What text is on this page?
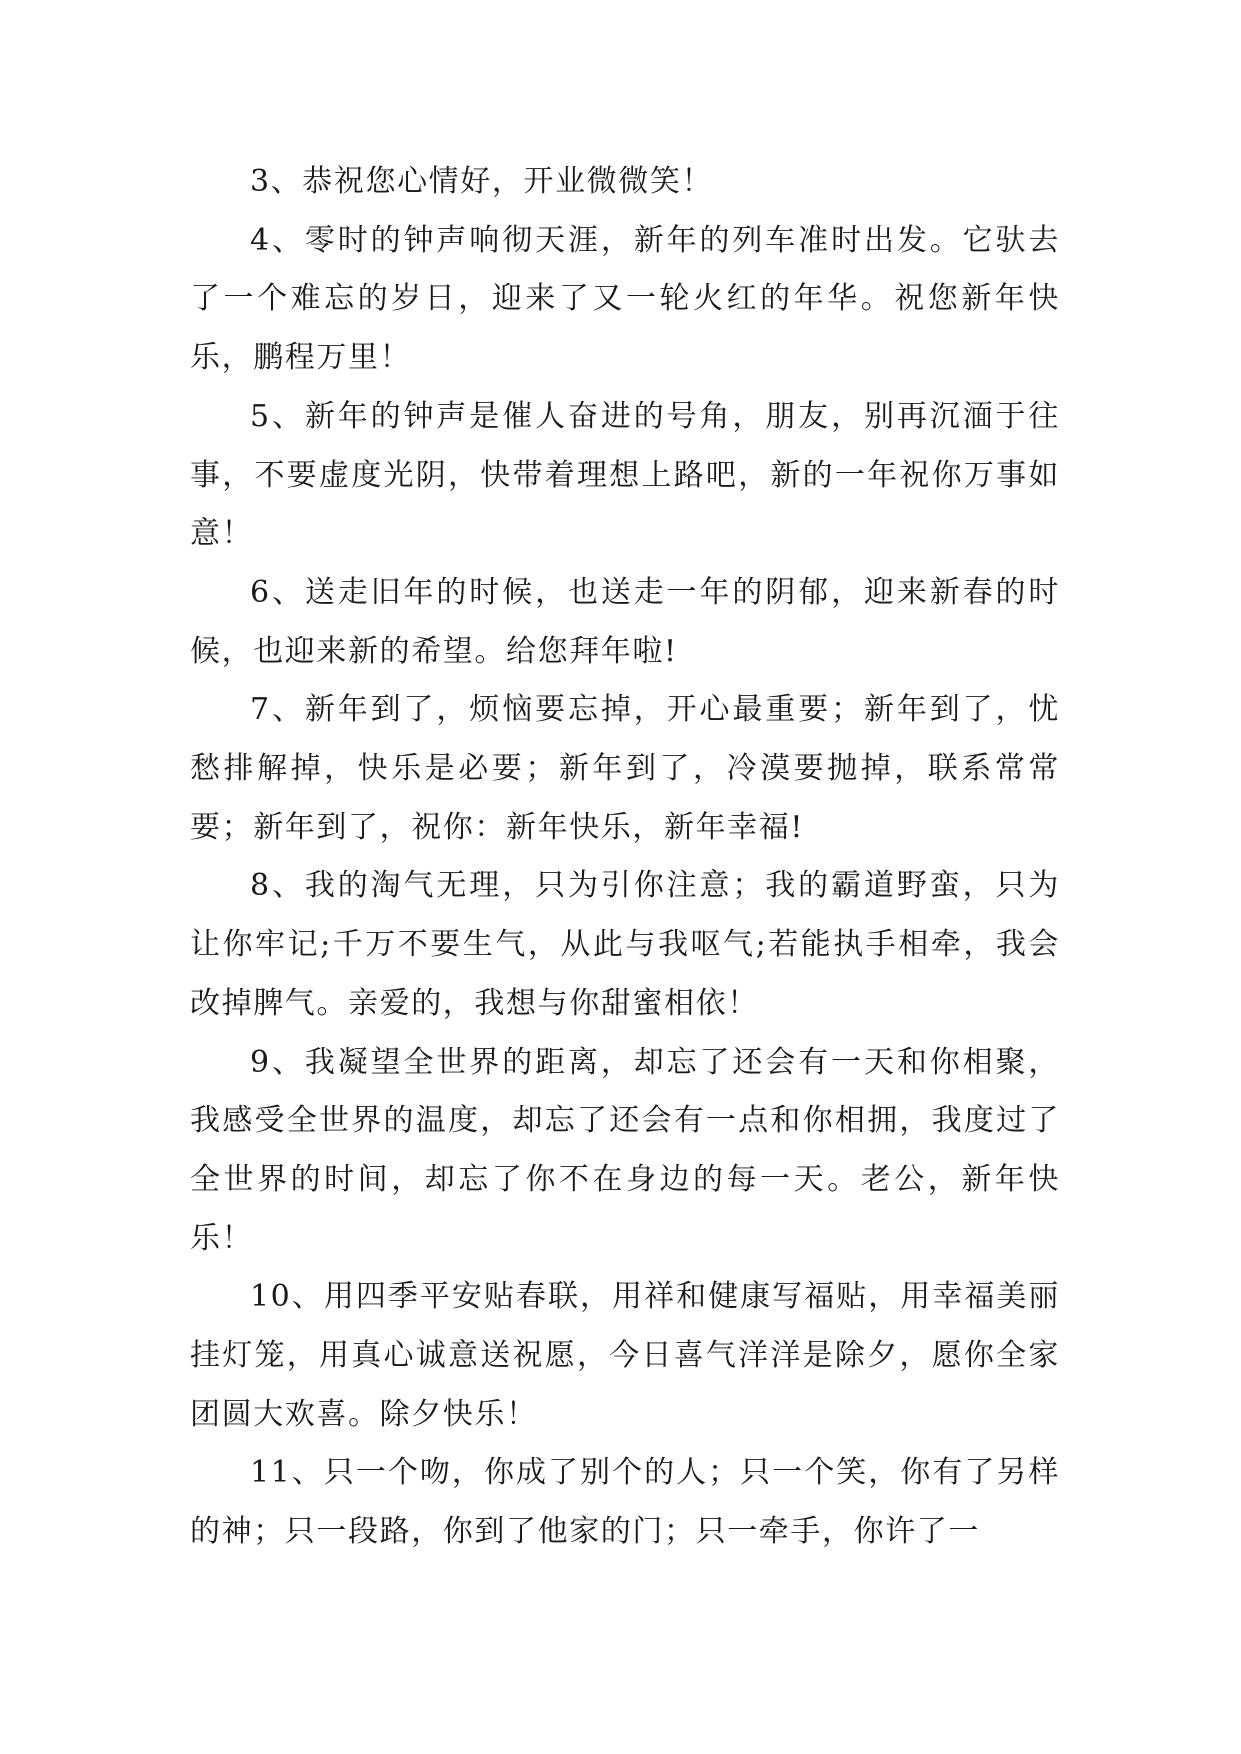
3、恭祝您心情好，开业微微笑！

4、零时的钟声响彻天涯，新年的列车准时出发。它驮去了一个难忘的岁日，迎来了又一轮火红的年华。祝您新年快乐，鹏程万里！

5、新年的钟声是催人奋进的号角，朋友，别再沉湎于往事，不要虚度光阴，快带着理想上路吧，新的一年祝你万事如意！

6、送走旧年的时候，也送走一年的阴郁，迎来新春的时候，也迎来新的希望。给您拜年啦!

7、新年到了，烦恼要忘掉，开心最重要；新年到了，忧愁排解掉，快乐是必要；新年到了，冷漠要抛掉，联系常常要；新年到了，祝你：新年快乐，新年幸福!

8、我的淘气无理，只为引你注意；我的霸道野蛮，只为让你牢记;千万不要生气，从此与我呕气;若能执手相牵，我会改掉脾气。亲爱的，我想与你甜蜜相依！

9、我凝望全世界的距离，却忘了还会有一天和你相聚，我感受全世界的温度，却忘了还会有一点和你相拥，我度过了全世界的时间，却忘了你不在身边的每一天。老公，新年快乐！

10、用四季平安贴春联，用祥和健康写福贴，用幸福美丽挂灯笼，用真心诚意送祝愿，今日喜气洋洋是除夕，愿你全家团圆大欢喜。除夕快乐！

11、只一个吻，你成了别个的人；只一个笑，你有了另样的神；只一段路，你到了他家的门；只一牵手，你许了一
